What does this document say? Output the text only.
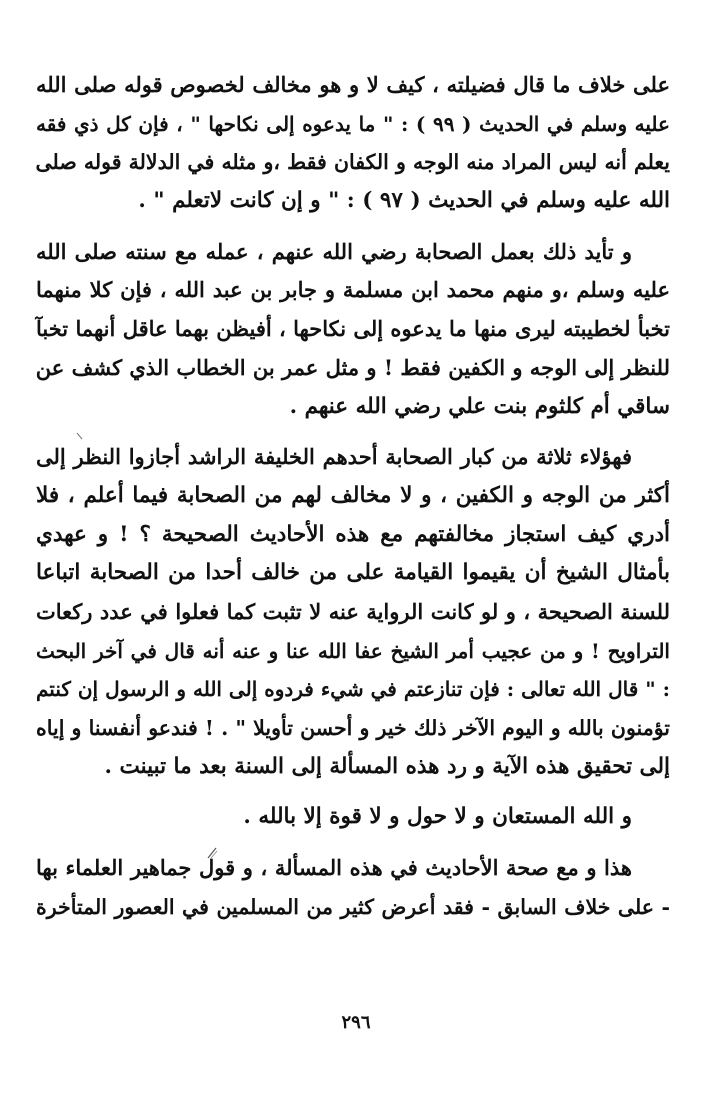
على خلاف ما قال فضيلته ، كيف لا و هو مخالف لخصوص قوله صلى الله
عليه وسلم في الحديث ( ٩٩ ) : " ما يدعوه إلى نكاحها " ، فإن كل ذي فقه
يعلم أنه ليس المراد منه الوجه و الكفان فقط ،و مثله في الدلالة قوله صلى
الله عليه وسلم في الحديث ( ٩٧ ) : " و إن كانت لاتعلم " .
و تأيد ذلك بعمل الصحابة رضي الله عنهم ، عمله مع سنته صلى الله
عليه وسلم ،و منهم محمد ابن مسلمة و جابر بن عبد الله ، فإن كلا منهما
تخبأ لخطيبته ليرى منها ما يدعوه إلى نكاحها ، أفيظن بهما عاقل أنهما تخبآ
للنظر إلى الوجه و الكفين فقط ! و مثل عمر بن الخطاب الذي كشف عن
ساقي أم كلثوم بنت علي رضي الله عنهم .
فهؤلاء ثلاثة من كبار الصحابة أحدهم الخليفة الراشد أجازوا النظر إلى
أكثر من الوجه و الكفين ، و لا مخالف لهم من الصحابة فيما أعلم ، فلا
أدري كيف استجاز مخالفتهم مع هذه الأحاديث الصحيحة ؟ ! و عهدي
بأمثال الشيخ أن يقيموا القيامة على من خالف أحدا من الصحابة اتباعا
للسنة الصحيحة ، و لو كانت الرواية عنه لا تثبت كما فعلوا في عدد ركعات
التراويح ! و من عجيب أمر الشيخ عفا الله عنا و عنه أنه قال في آخر البحث
: " قال الله تعالى : فإن تنازعتم في شيء فردوه إلى الله و الرسول إن كنتم
تؤمنون بالله و اليوم الآخر ذلك خير و أحسن تأويلا " . ! فندعو أنفسنا و إياه
إلى تحقيق هذه الآية و رد هذه المسألة إلى السنة بعد ما تبينت .
و الله المستعان و لا حول و لا قوة إلا بالله .
هذا و مع صحة الأحاديث في هذه المسألة ، و قول جماهير العلماء بها
- على خلاف السابق - فقد أعرض كثير من المسلمين في العصور المتأخرة
٢٩٦
